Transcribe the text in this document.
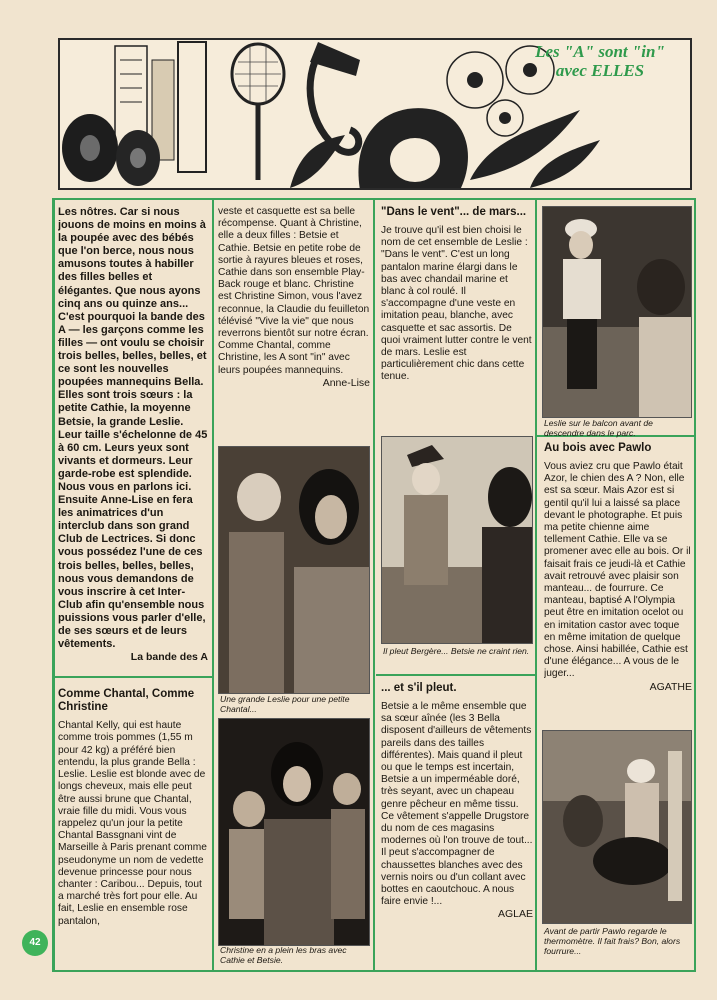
Les "A" sont "in" avec ELLES

Les nôtres. Car si nous jouons de moins en moins à la poupée avec des bébés que l'on berce, nous nous amusons toutes à habiller des filles belles et élégantes. Que nous ayons cinq ans ou quinze ans...

C'est pourquoi la bande des A — les garçons comme les filles — ont voulu se choisir trois belles, belles, belles, et ce sont les nouvelles poupées mannequins Bella. Elles sont trois sœurs : la petite Cathie, la moyenne Betsie, la grande Leslie. Leur taille s'échelonne de 45 à 60 cm. Leurs yeux sont vivants et dormeurs. Leur garde-robe est splendide. Nous vous en parlons ici. Ensuite Anne-Lise en fera les animatrices d'un interclub dans son grand Club de Lectrices. Si donc vous possédez l'une de ces trois belles, belles, belles, nous vous demandons de vous inscrire à cet Inter-Club afin qu'ensemble nous puissions vous parler d'elle, de ses sœurs et de leurs vêtements.

La bande des A

Comme Chantal, Comme Christine

Chantal Kelly, qui est haute comme trois pommes (1,55 m pour 42 kg) a préféré bien entendu, la plus grande Bella : Leslie. Leslie est blonde avec de longs cheveux, mais elle peut être aussi brune que Chantal, vraie fille du midi. Vous vous rappelez qu'un jour la petite Chantal Bassgnani vint de Marseille à Paris prenant comme pseudonyme un nom de vedette devenue princesse pour nous chanter : Caribou... Depuis, tout a marché très fort pour elle. Au fait, Leslie en ensemble rose pantalon,

veste et casquette est sa belle récompense. Quant à Christine, elle a deux filles : Betsie et Cathie. Betsie en petite robe de sortie à rayures bleues et roses, Cathie dans son ensemble Play-Back rouge et blanc. Christine est Christine Simon, vous l'avez reconnue, la Claudie du feuilleton télévisé "Vive la vie" que nous reverrons bientôt sur notre écran. Comme Chantal, comme Christine, les A sont "in" avec leurs poupées mannequins.

Anne-Lise

Une grande Leslie pour une petite Chantal...
Christine en a plein les bras avec Cathie et Betsie.

"Dans le vent"... de mars...

Je trouve qu'il est bien choisi le nom de cet ensemble de Leslie : "Dans le vent". C'est un long pantalon marine élargi dans le bas avec chandail marine et blanc à col roulé. Il s'accompagne d'une veste en imitation peau, blanche, avec casquette et sac assortis. De quoi vraiment lutter contre le vent de mars. Leslie est particulièrement chic dans cette tenue.

Il pleut Bergère... Betsie ne craint rien.

... et s'il pleut.

Betsie a le même ensemble que sa sœur aînée (les 3 Bella disposent d'ailleurs de vêtements pareils dans des tailles différentes). Mais quand il pleut ou que le temps est incertain, Betsie a un imperméable doré, très seyant, avec un chapeau genre pêcheur en même tissu. Ce vêtement s'appelle Drugstore du nom de ces magasins modernes où l'on trouve de tout... Il peut s'accompagner de chaussettes blanches avec des vernis noirs ou d'un collant avec bottes en caoutchouc. A nous faire envie !...

AGLAE

Leslie sur le balcon avant de descendre dans le parc.

Au bois avec Pawlo

Vous aviez cru que Pawlo était Azor, le chien des A ? Non, elle est sa sœur. Mais Azor est si gentil qu'il lui a laissé sa place devant le photographe. Et puis ma petite chienne aime tellement Cathie. Elle va se promener avec elle au bois. Or il faisait frais ce jeudi-là et Cathie avait retrouvé avec plaisir son manteau... de fourrure. Ce manteau, baptisé A l'Olympia peut être en imitation ocelot ou en imitation castor avec toque en même imitation de quelque chose. Ainsi habillée, Cathie est d'une élégance... A vous de le juger...

AGATHE

Avant de partir Pawlo regarde le thermomètre. Il fait frais? Bon, alors fourrure...
42
